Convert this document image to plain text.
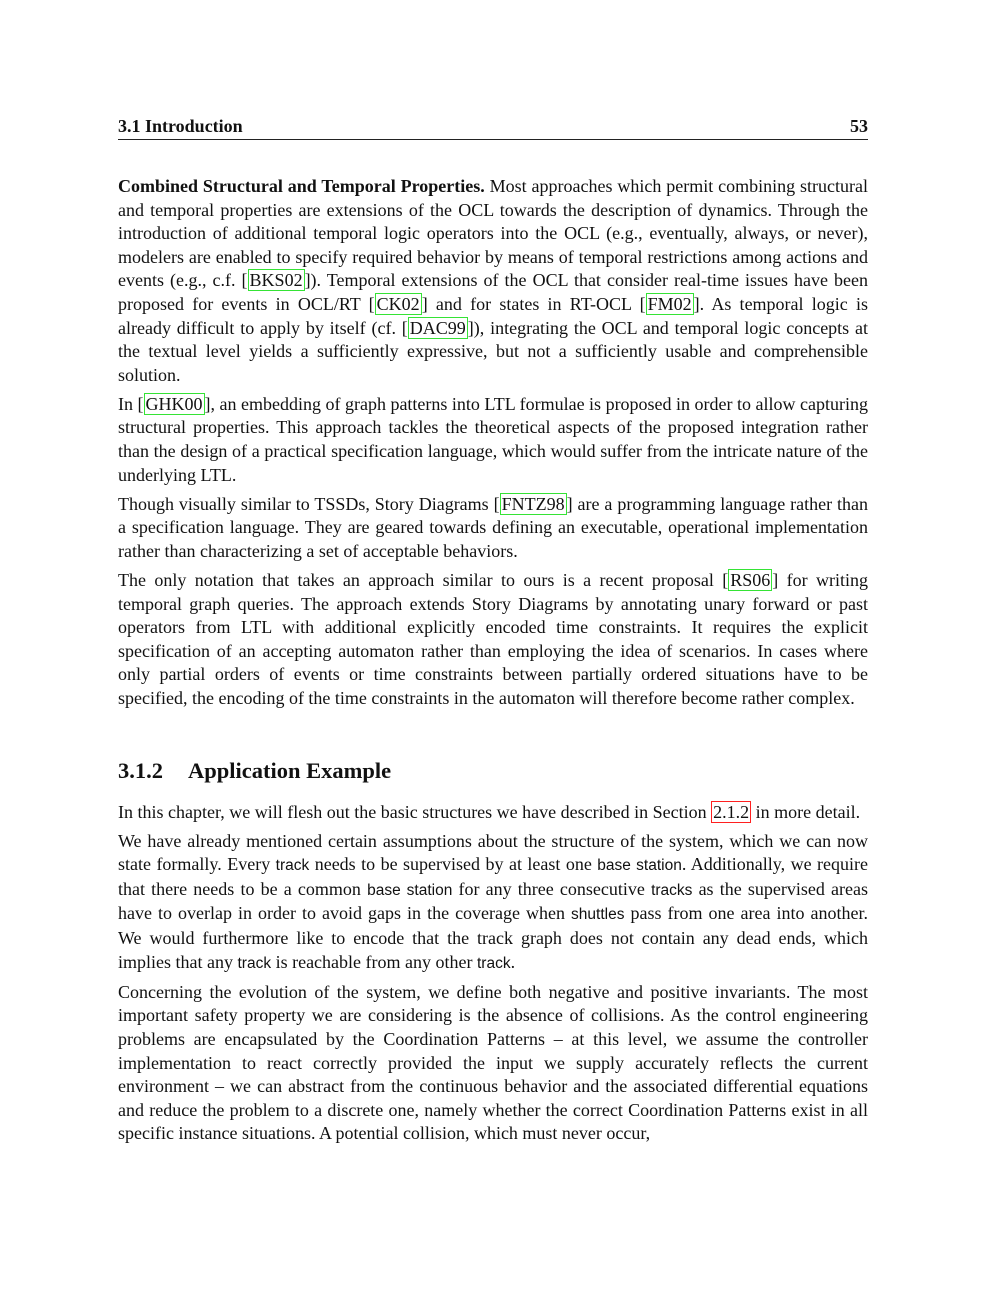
3.1 Introduction	53

Combined Structural and Temporal Properties. Most approaches which permit combining structural and temporal properties are extensions of the OCL towards the description of dynamics. Through the introduction of additional temporal logic operators into the OCL (e.g., eventually, always, or never), modelers are enabled to specify required behavior by means of temporal restrictions among actions and events (e.g., c.f. [ BKS02 ]). Temporal extensions of the OCL that consider real-time issues have been proposed for events in OCL/RT [ CK02 ] and for states in RT-OCL [ FM02 ]. As temporal logic is already difficult to apply by itself (cf. [ DAC99 ]), integrating the OCL and temporal logic concepts at the textual level yields a sufficiently expressive, but not a sufficiently usable and comprehensible solution.

In [ GHK00 ], an embedding of graph patterns into LTL formulae is proposed in order to allow capturing structural properties. This approach tackles the theoretical aspects of the proposed integration rather than the design of a practical specification language, which would suffer from the intricate nature of the underlying LTL.

Though visually similar to TSSDs, Story Diagrams [ FNTZ98 ] are a programming language rather than a specification language. They are geared towards defining an executable, operational implementation rather than characterizing a set of acceptable behaviors.

The only notation that takes an approach similar to ours is a recent proposal [ RS06 ] for writing temporal graph queries. The approach extends Story Diagrams by annotating unary forward or past operators from LTL with additional explicitly encoded time constraints. It requires the explicit specification of an accepting automaton rather than employing the idea of scenarios. In cases where only partial orders of events or time constraints between partially ordered situations have to be specified, the encoding of the time constraints in the automaton will therefore become rather complex.

3.1.2 Application Example

In this chapter, we will flesh out the basic structures we have described in Section 2.1.2 in more detail.

We have already mentioned certain assumptions about the structure of the system, which we can now state formally. Every track needs to be supervised by at least one base station. Additionally, we require that there needs to be a common base station for any three consecutive tracks as the supervised areas have to overlap in order to avoid gaps in the coverage when shuttles pass from one area into another. We would furthermore like to encode that the track graph does not contain any dead ends, which implies that any track is reachable from any other track.

Concerning the evolution of the system, we define both negative and positive invariants. The most important safety property we are considering is the absence of collisions. As the control engineering problems are encapsulated by the Coordination Patterns – at this level, we assume the controller implementation to react correctly provided the input we supply accurately reflects the current environment – we can abstract from the continuous behavior and the associated differential equations and reduce the problem to a discrete one, namely whether the correct Coordination Patterns exist in all specific instance situations. A potential collision, which must never occur,
